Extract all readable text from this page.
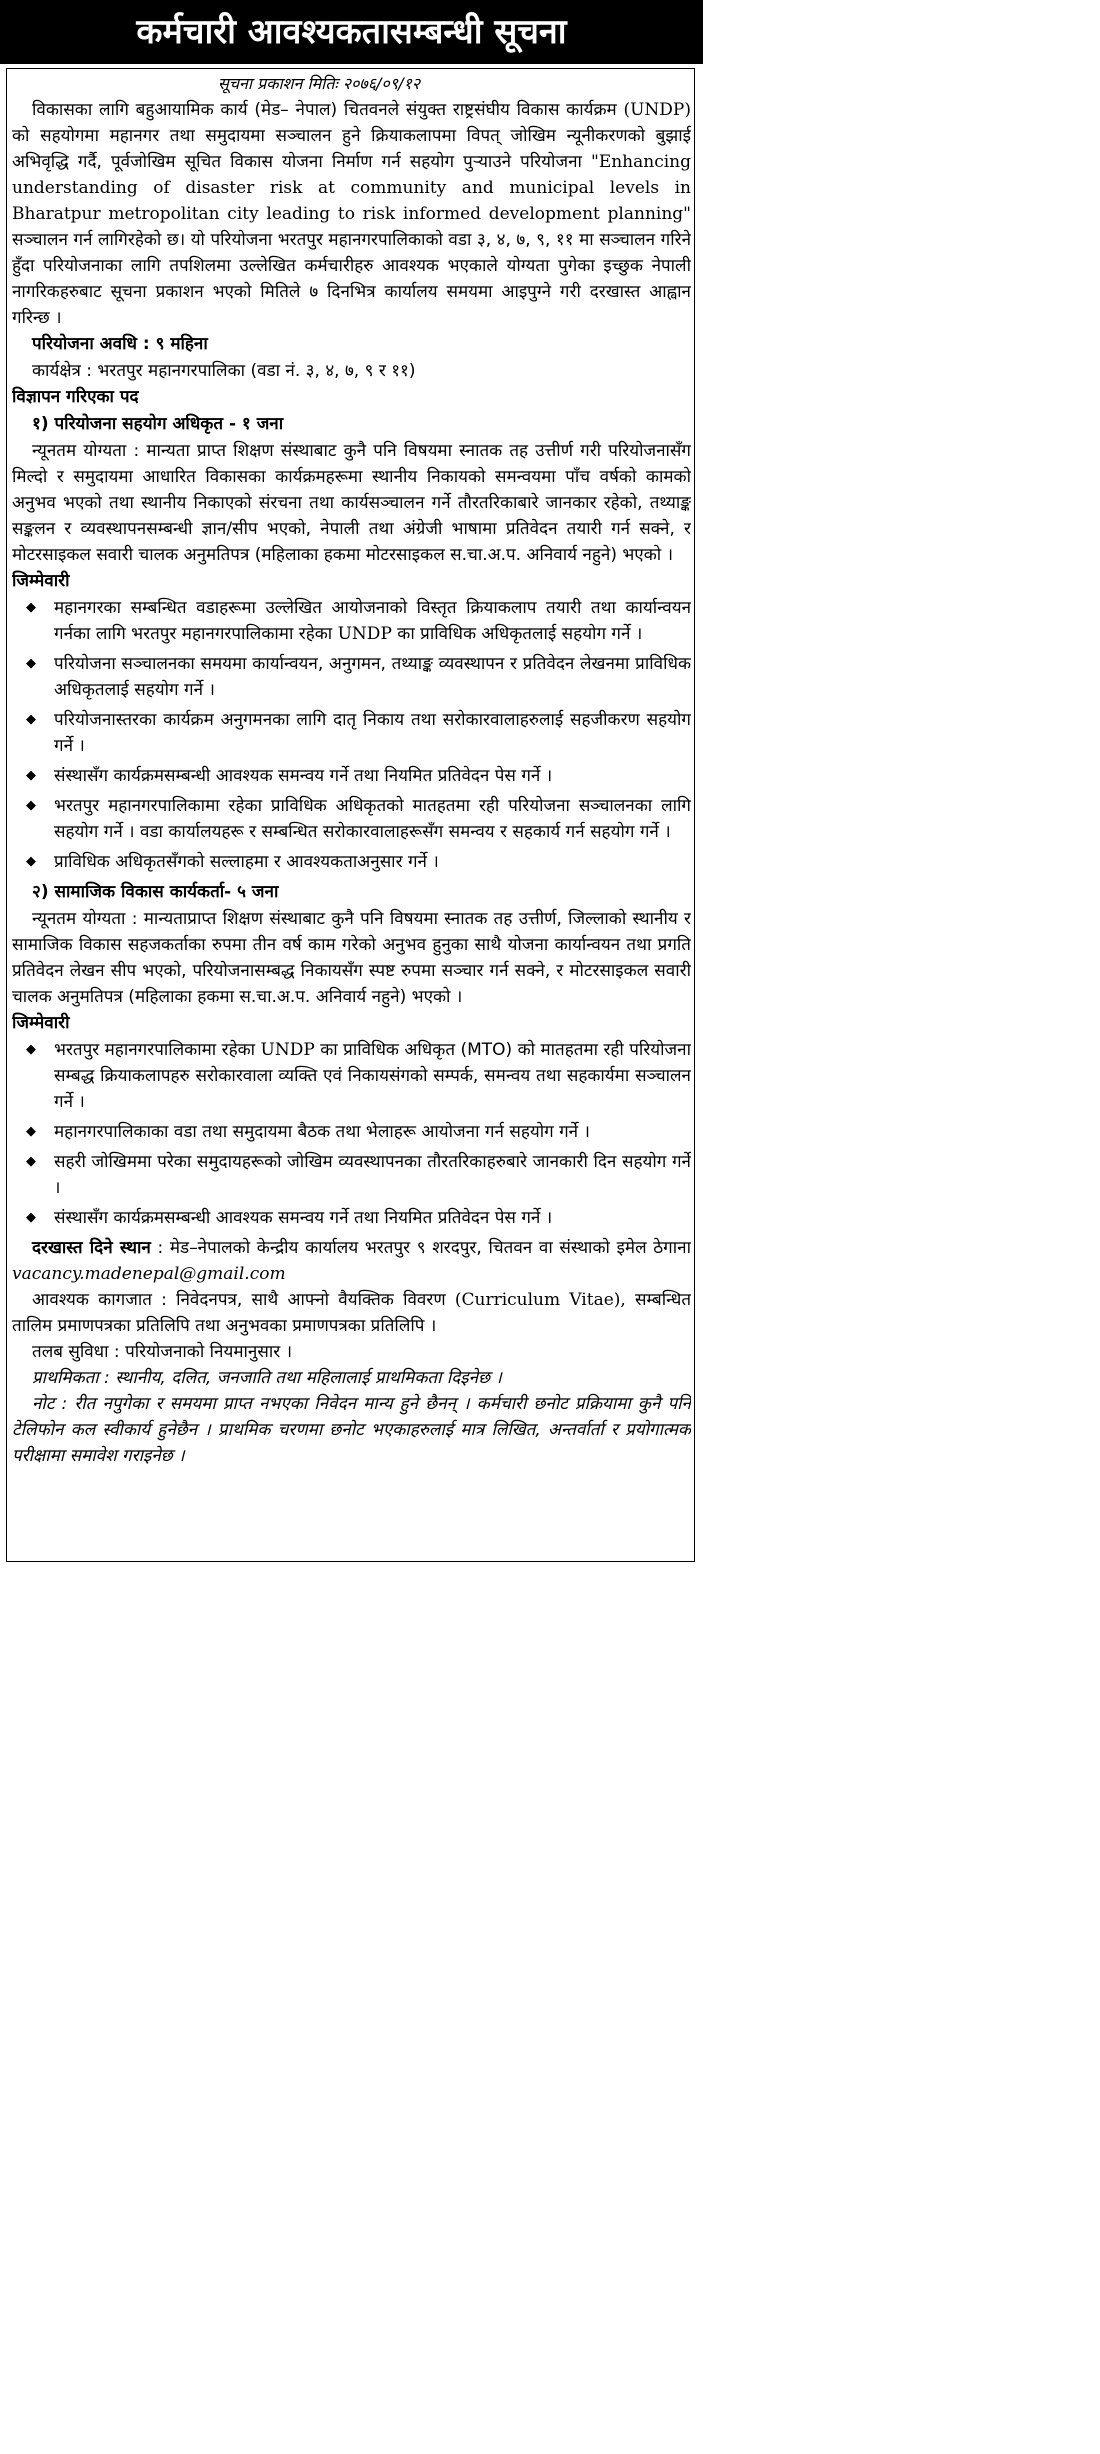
कर्मचारी आवश्यकतासम्बन्धी सूचना
सूचना प्रकाशन मितिः २०७६/०९/१२

विकासका लागि बहुआयामिक कार्य (मेड– नेपाल) चितवनले संयुक्त राष्ट्रसंघीय विकास कार्यक्रम (UNDP) को सहयोगमा महानगर तथा समुदायमा सञ्चालन हुने क्रियाकलापमा विपत् जोखिम न्यूनीकरणको बुझाई अभिवृद्धि गर्दै, पूर्वजोखिम सूचित विकास योजना निर्माण गर्न सहयोग पुऱ्याउने परियोजना "Enhancing understanding of disaster risk at community and municipal levels in Bharatpur metropolitan city leading to risk informed development planning" सञ्चालन गर्न लागिरहेको छ। यो परियोजना भरतपुर महानगरपालिकाको वडा ३, ४, ७, ९, ११ मा सञ्चालन गरिने हुँदा परियोजनाका लागि तपशिलमा उल्लेखित कर्मचारीहरु आवश्यक भएकाले योग्यता पुगेका इच्छुक नेपाली नागरिकहरुबाट सूचना प्रकाशन भएको मितिले ७ दिनभित्र कार्यालय समयमा आइपुग्ने गरी दरखास्त आह्वान गरिन्छ ।

परियोजना अवधि : ९ महिना
कार्यक्षेत्र : भरतपुर महानगरपालिका (वडा नं. ३, ४, ७, ९ र ११)
विज्ञापन गरिएका पद
१) परियोजना सहयोग अधिकृत - १ जना

न्यूनतम योग्यता : मान्यता प्राप्त शिक्षण संस्थाबाट कुनै पनि विषयमा स्नातक तह उत्तीर्ण गरी परियोजनासँग मिल्दो र समुदायमा आधारित विकासका कार्यक्रमहरूमा स्थानीय निकायको समन्वयमा पाँच वर्षको कामको अनुभव भएको तथा स्थानीय निकाएको संरचना तथा कार्यसञ्चालन गर्ने तौरतरिकाबारे जानकार रहेको, तथ्याङ्क सङ्कलन र व्यवस्थापनसम्बन्धी ज्ञान/सीप भएको, नेपाली तथा अंग्रेजी भाषामा प्रतिवेदन तयारी गर्न सक्ने, र मोटरसाइकल सवारी चालक अनुमतिपत्र (महिलाका हकमा मोटरसाइकल स.चा.अ.प. अनिवार्य नहुने) भएको ।

जिम्मेवारी
◆ महानगरका सम्बन्धित वडाहरूमा उल्लेखित आयोजनाको विस्तृत क्रियाकलाप तयारी तथा कार्यान्वयन गर्नका लागि भरतपुर महानगरपालिकामा रहेका UNDP का प्राविधिक अधिकृतलाई सहयोग गर्ने ।
◆ परियोजना सञ्चालनका समयमा कार्यान्वयन, अनुगमन, तथ्याङ्क व्यवस्थापन र प्रतिवेदन लेखनमा प्राविधिक अधिकृतलाई सहयोग गर्ने ।
◆ परियोजनास्तरका कार्यक्रम अनुगमनका लागि दातृ निकाय तथा सरोकारवालाहरुलाई सहजीकरण सहयोग गर्ने ।
◆ संस्थासँग कार्यक्रमसम्बन्धी आवश्यक समन्वय गर्ने तथा नियमित प्रतिवेदन पेस गर्ने ।
◆ भरतपुर महानगरपालिकामा रहेका प्राविधिक अधिकृतको मातहतमा रही परियोजना सञ्चालनका लागि सहयोग गर्ने । वडा कार्यालयहरू र सम्बन्धित सरोकारवालाहरूसँग समन्वय र सहकार्य गर्न सहयोग गर्ने ।
◆ प्राविधिक अधिकृतसँगको सल्लाहमा र आवश्यकताअनुसार गर्ने ।
२) सामाजिक विकास कार्यकर्ता- ५ जना

न्यूनतम योग्यता : मान्यताप्राप्त शिक्षण संस्थाबाट कुनै पनि विषयमा स्नातक तह उत्तीर्ण, जिल्लाको स्थानीय र सामाजिक विकास सहजकर्ताका रुपमा तीन वर्ष काम गरेको अनुभव हुनुका साथै योजना कार्यान्वयन तथा प्रगति प्रतिवेदन लेखन सीप भएको, परियोजनासम्बद्ध निकायसँग स्पष्ट रुपमा सञ्चार गर्न सक्ने, र मोटरसाइकल सवारी चालक अनुमतिपत्र (महिलाका हकमा स.चा.अ.प. अनिवार्य नहुने) भएको ।

जिम्मेवारी
◆ भरतपुर महानगरपालिकामा रहेका UNDP का प्राविधिक अधिकृत (MTO) को मातहतमा रही परियोजना सम्बद्ध क्रियाकलापहरु सरोकारवाला व्यक्ति एवं निकायसंगको सम्पर्क, समन्वय तथा सहकार्यमा सञ्चालन गर्ने ।
◆ महानगरपालिकाका वडा तथा समुदायमा बैठक तथा भेलाहरू आयोजना गर्न सहयोग गर्ने ।
◆ सहरी जोखिममा परेका समुदायहरूको जोखिम व्यवस्थापनका तौरतरिकाहरुबारे जानकारी दिन सहयोग गर्ने ।
◆ संस्थासँग कार्यक्रमसम्बन्धी आवश्यक समन्वय गर्ने तथा नियमित प्रतिवेदन पेस गर्ने ।

दरखास्त दिने स्थान : मेड–नेपालको केन्द्रीय कार्यालय भरतपुर ९ शरदपुर, चितवन वा संस्थाको इमेल ठेगाना vacancy.madenepal@gmail.com

आवश्यक कागजात : निवेदनपत्र, साथै आफ्नो वैयक्तिक विवरण (Curriculum Vitae), सम्बन्धित तालिम प्रमाणपत्रका प्रतिलिपि तथा अनुभवका प्रमाणपत्रका प्रतिलिपि ।

तलब सुविधा : परियोजनाको नियमानुसार ।
प्राथमिकता : स्थानीय, दलित, जनजाति तथा महिलालाई प्राथमिकता दिइनेछ ।

नोट : रीत नपुगेका र समयमा प्राप्त नभएका निवेदन मान्य हुने छैनन् । कर्मचारी छनोट प्रक्रियामा कुनै पनि टेलिफोन कल स्वीकार्य हुनेछैन । प्राथमिक चरणमा छनोट भएकाहरुलाई मात्र लिखित, अन्तर्वार्ता र प्रयोगात्मक परीक्षामा समावेश गराइनेछ ।
